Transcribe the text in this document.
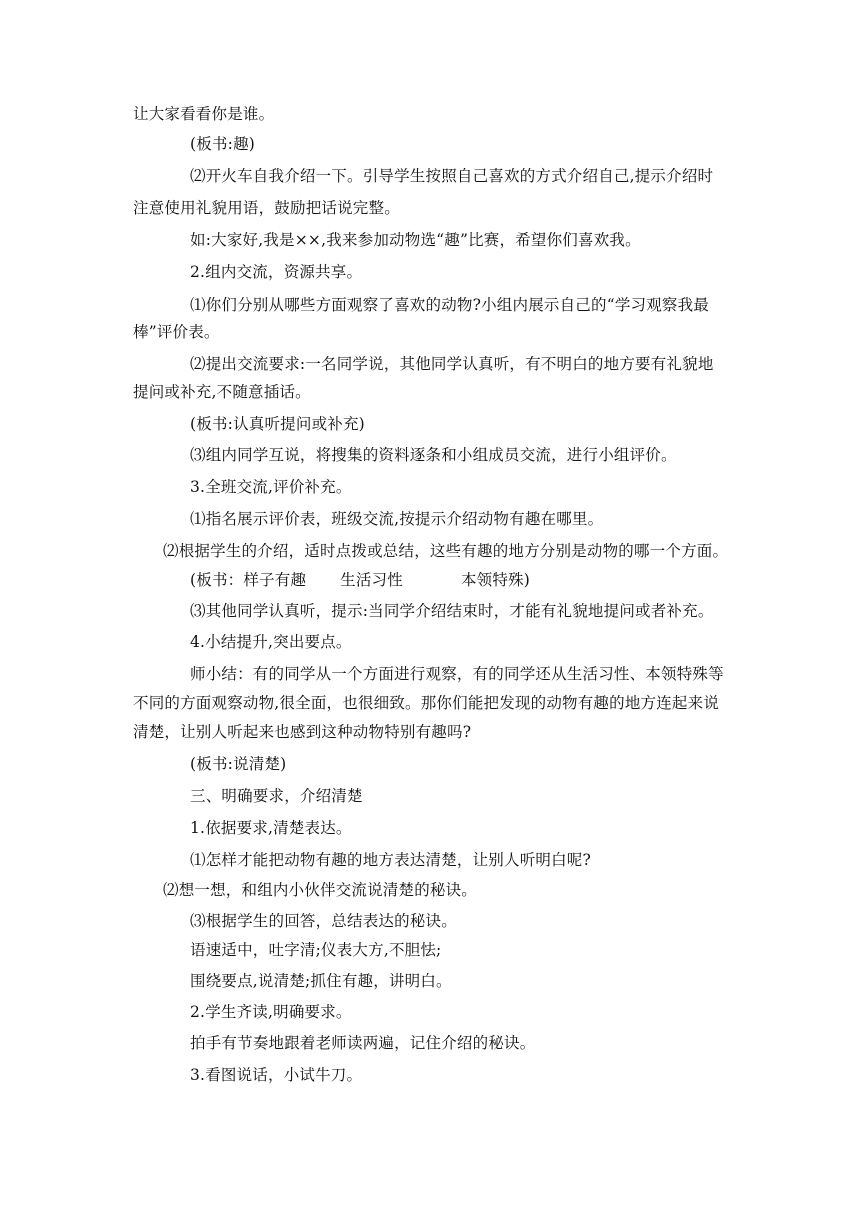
让大家看看你是谁。
(板书:趣)
⑵开火车自我介绍一下。引导学生按照自己喜欢的方式介绍自己,提示介绍时
注意使用礼貌用语，鼓励把话说完整。
如:大家好,我是××,我来参加动物选“趣”比赛，希望你们喜欢我。
2.组内交流，资源共享。
⑴你们分别从哪些方面观察了喜欢的动物?小组内展示自己的“学习观察我最
棒”评价表。
⑵提出交流要求:一名同学说，其他同学认真听，有不明白的地方要有礼貌地
提问或补充,不随意插话。
(板书:认真听提问或补充)
⑶组内同学互说，将搜集的资料逐条和小组成员交流，进行小组评价。
3.全班交流,评价补充。
⑴指名展示评价表，班级交流,按提示介绍动物有趣在哪里。
⑵根据学生的介绍，适时点拨或总结，这些有趣的地方分别是动物的哪一个方面。
(板书：样子有趣 生活习性	本领特殊)
⑶其他同学认真听，提示:当同学介绍结束时，才能有礼貌地提问或者补充。
4.小结提升,突出要点。
师小结：有的同学从一个方面进行观察，有的同学还从生活习性、本领特殊等
不同的方面观察动物,很全面，也很细致。那你们能把发现的动物有趣的地方连起来说
清楚，让别人听起来也感到这种动物特别有趣吗?
(板书:说清楚)
三、明确要求，介绍清楚
1.依据要求,清楚表达。
⑴怎样才能把动物有趣的地方表达清楚，让别人听明白呢?
⑵想一想，和组内小伙伴交流说清楚的秘诀。
⑶根据学生的回答，总结表达的秘诀。
语速适中，吐字清;仪表大方,不胆怯;
围绕要点,说清楚;抓住有趣，讲明白。
2.学生齐读,明确要求。
拍手有节奏地跟着老师读两遍，记住介绍的秘诀。
3.看图说话，小试牛刀。
